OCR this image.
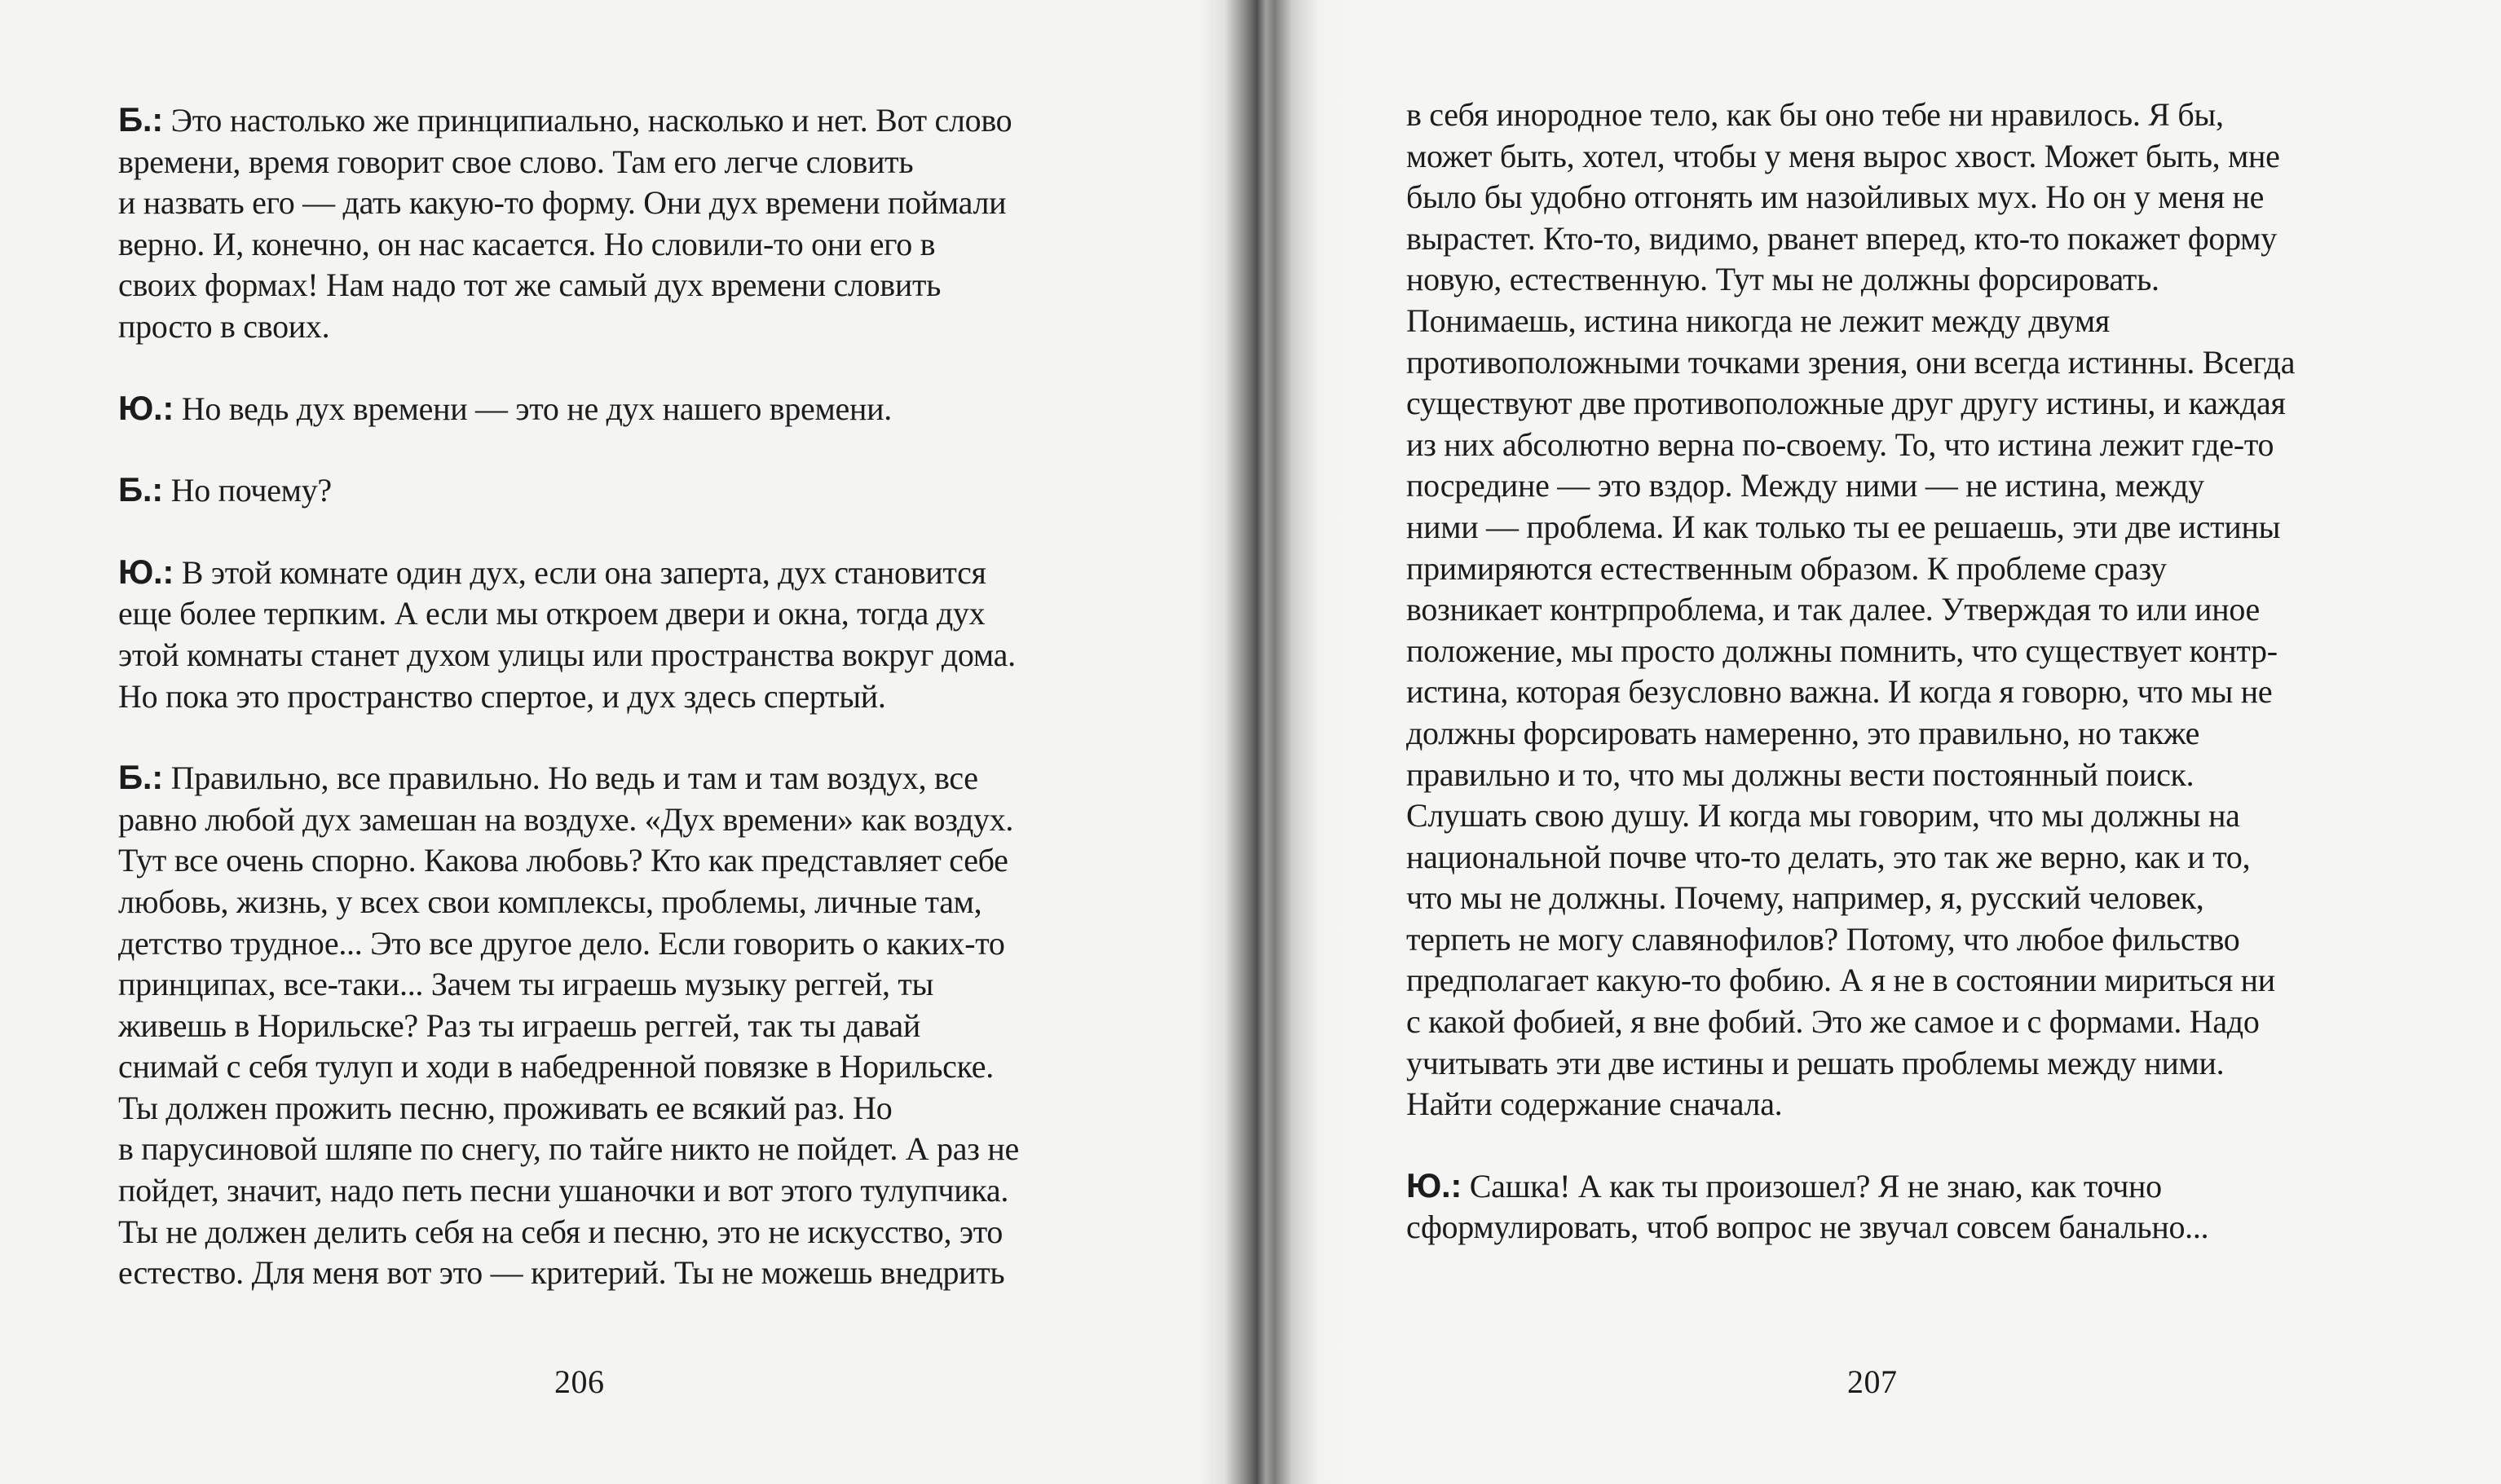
Б.: Это настолько же принципиально, насколько и нет. Вот слово
времени, время говорит свое слово. Там его легче словить
и назвать его — дать какую-то форму. Они дух времени поймали
верно. И, конечно, он нас касается. Но словили-то они его в
своих формах! Нам надо тот же самый дух времени словить
просто в своих.

Ю.: Но ведь дух времени — это не дух нашего времени.

Б.: Но почему?

Ю.: В этой комнате один дух, если она заперта, дух становится
еще более терпким. А если мы откроем двери и окна, тогда дух
этой комнаты станет духом улицы или пространства вокруг дома.
Но пока это пространство спертое, и дух здесь спертый.

Б.: Правильно, все правильно. Но ведь и там и там воздух, все
равно любой дух замешан на воздухе. «Дух времени» как воздух.
Тут все очень спорно. Какова любовь? Кто как представляет себе
любовь, жизнь, у всех свои комплексы, проблемы, личные там,
детство трудное... Это все другое дело. Если говорить о каких-то
принципах, все-таки... Зачем ты играешь музыку реггей, ты
живешь в Норильске? Раз ты играешь реггей, так ты давай
снимай с себя тулуп и ходи в набедренной повязке в Норильске.
Ты должен прожить песню, проживать ее всякий раз. Но
в парусиновой шляпе по снегу, по тайге никто не пойдет. А раз не
пойдет, значит, надо петь песни ушаночки и вот этого тулупчика.
Ты не должен делить себя на себя и песню, это не искусство, это
естество. Для меня вот это — критерий. Ты не можешь внедрить

206

в себя инородное тело, как бы оно тебе ни нравилось. Я бы,
может быть, хотел, чтобы у меня вырос хвост. Может быть, мне
было бы удобно отгонять им назойливых мух. Но он у меня не
вырастет. Кто-то, видимо, рванет вперед, кто-то покажет форму
новую, естественную. Тут мы не должны форсировать.
Понимаешь, истина никогда не лежит между двумя
противоположными точками зрения, они всегда истинны. Всегда
существуют две противоположные друг другу истины, и каждая
из них абсолютно верна по-своему. То, что истина лежит где-то
посредине — это вздор. Между ними — не истина, между
ними — проблема. И как только ты ее решаешь, эти две истины
примиряются естественным образом. К проблеме сразу
возникает контрпроблема, и так далее. Утверждая то или иное
положение, мы просто должны помнить, что существует контр-
истина, которая безусловно важна. И когда я говорю, что мы не
должны форсировать намеренно, это правильно, но также
правильно и то, что мы должны вести постоянный поиск.
Слушать свою душу. И когда мы говорим, что мы должны на
национальной почве что-то делать, это так же верно, как и то,
что мы не должны. Почему, например, я, русский человек,
терпеть не могу славянофилов? Потому, что любое фильство
предполагает какую-то фобию. А я не в состоянии мириться ни
с какой фобией, я вне фобий. Это же самое и с формами. Надо
учитывать эти две истины и решать проблемы между ними.
Найти содержание сначала.

Ю.: Сашка! А как ты произошел? Я не знаю, как точно
сформулировать, чтоб вопрос не звучал совсем банально...

207
